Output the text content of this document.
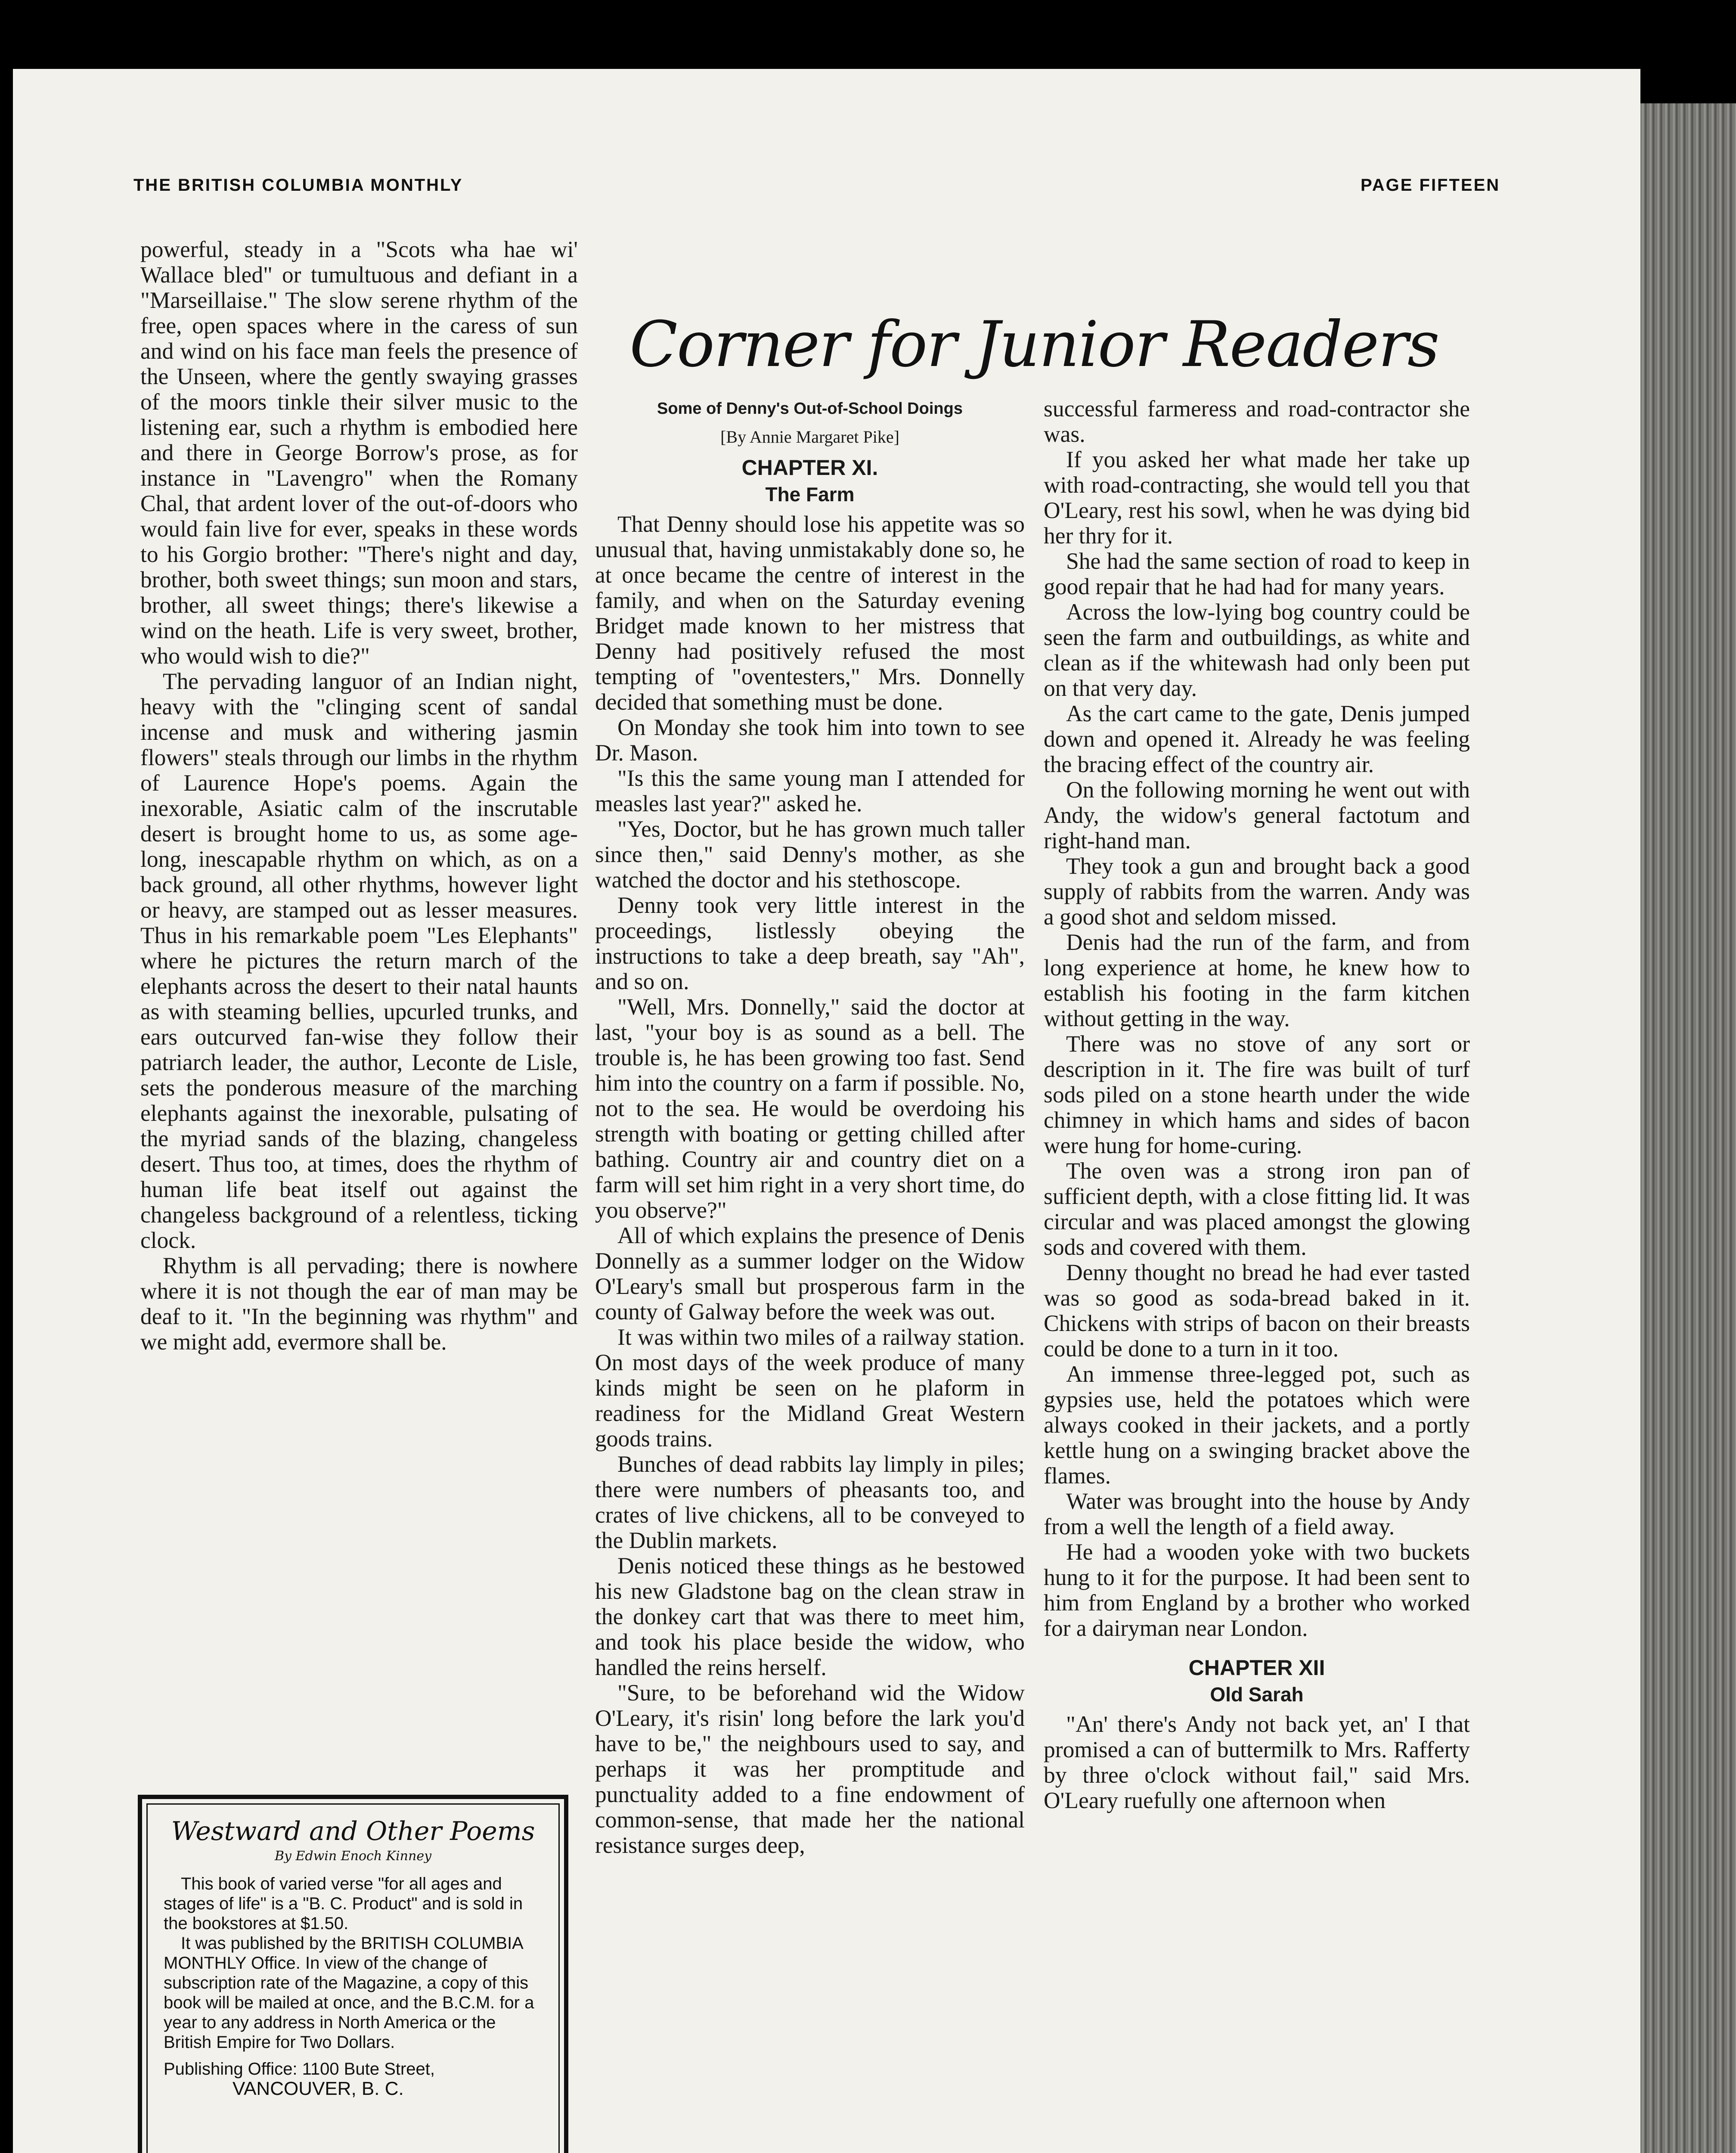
THE BRITISH COLUMBIA MONTHLY	PAGE FIFTEEN

powerful, steady in a "Scots wha hae wi' Wallace bled" or tumultuous and defiant in a "Marseillaise." The slow serene rhythm of the free, open spaces where in the caress of sun and wind on his face man feels the presence of the Unseen, where the gently swaying grasses of the moors tinkle their silver music to the listening ear, such a rhythm is embodied here and there in George Borrow's prose, as for instance in "Lavengro" when the Romany Chal, that ardent lover of the out-of-doors who would fain live for ever, speaks in these words to his Gorgio brother: "There's night and day, brother, both sweet things; sun moon and stars, brother, all sweet things; there's likewise a wind on the heath. Life is very sweet, brother, who would wish to die?"

The pervading languor of an Indian night, heavy with the "clinging scent of sandal incense and musk and withering jasmin flowers" steals through our limbs in the rhythm of Laurence Hope's poems. Again the inexorable, Asiatic calm of the inscrutable desert is brought home to us, as some age-long, inescapable rhythm on which, as on a back ground, all other rhythms, however light or heavy, are stamped out as lesser measures. Thus in his remarkable poem "Les Elephants" where he pictures the return march of the elephants across the desert to their natal haunts as with steaming bellies, upcurled trunks, and ears outcurved fan-wise they follow their patriarch leader, the author, Leconte de Lisle, sets the ponderous measure of the marching elephants against the inexorable, pulsating of the myriad sands of the blazing, changeless desert. Thus too, at times, does the rhythm of human life beat itself out against the changeless background of a relentless, ticking clock.

Rhythm is all pervading; there is nowhere where it is not though the ear of man may be deaf to it. "In the beginning was rhythm" and we might add, evermore shall be.

Westward and Other Poems
By Edwin Enoch Kinney

This book of varied verse "for all ages and stages of life" is a "B. C. Product" and is sold in the bookstores at $1.50.

It was published by the BRITISH COLUMBIA MONTHLY Office. In view of the change of subscription rate of the Magazine, a copy of this book will be mailed at once, and the B.C.M. for a year to any address in North America or the British Empire for Two Dollars.

Publishing Office: 1100 Bute Street,

VANCOUVER, B. C.

Corner for Junior Readers
Some of Denny's Out-of-School Doings
[By Annie Margaret Pike]
CHAPTER XI.
The Farm

That Denny should lose his appetite was so unusual that, having unmistakably done so, he at once became the centre of interest in the family, and when on the Saturday evening Bridget made known to her mistress that Denny had positively refused the most tempting of "oventesters," Mrs. Donnelly decided that something must be done.

On Monday she took him into town to see Dr. Mason.

"Is this the same young man I attended for measles last year?" asked he.

"Yes, Doctor, but he has grown much taller since then," said Denny's mother, as she watched the doctor and his stethoscope.

Denny took very little interest in the proceedings, listlessly obeying the instructions to take a deep breath, say "Ah", and so on.

"Well, Mrs. Donnelly," said the doctor at last, "your boy is as sound as a bell. The trouble is, he has been growing too fast. Send him into the country on a farm if possible. No, not to the sea. He would be overdoing his strength with boating or getting chilled after bathing. Country air and country diet on a farm will set him right in a very short time, do you observe?"

All of which explains the presence of Denis Donnelly as a summer lodger on the Widow O'Leary's small but prosperous farm in the county of Galway before the week was out.

It was within two miles of a railway station. On most days of the week produce of many kinds might be seen on he plaform in readiness for the Midland Great Western goods trains.

Bunches of dead rabbits lay limply in piles; there were numbers of pheasants too, and crates of live chickens, all to be conveyed to the Dublin markets.

Denis noticed these things as he bestowed his new Gladstone bag on the clean straw in the donkey cart that was there to meet him, and took his place beside the widow, who handled the reins herself.

"Sure, to be beforehand wid the Widow O'Leary, it's risin' long before the lark you'd have to be," the neighbours used to say, and perhaps it was her promptitude and punctuality added to a fine endowment of common-sense, that made her the national resistance surges deep,

successful farmeress and road-contractor she was.

If you asked her what made her take up with road-contracting, she would tell you that O'Leary, rest his sowl, when he was dying bid her thry for it.

She had the same section of road to keep in good repair that he had had for many years.

Across the low-lying bog country could be seen the farm and outbuildings, as white and clean as if the whitewash had only been put on that very day.

As the cart came to the gate, Denis jumped down and opened it. Already he was feeling the bracing effect of the country air.

On the following morning he went out with Andy, the widow's general factotum and right-hand man.

They took a gun and brought back a good supply of rabbits from the warren. Andy was a good shot and seldom missed.

Denis had the run of the farm, and from long experience at home, he knew how to establish his footing in the farm kitchen without getting in the way.

There was no stove of any sort or description in it. The fire was built of turf sods piled on a stone hearth under the wide chimney in which hams and sides of bacon were hung for home-curing.

The oven was a strong iron pan of sufficient depth, with a close fitting lid. It was circular and was placed amongst the glowing sods and covered with them.

Denny thought no bread he had ever tasted was so good as soda-bread baked in it. Chickens with strips of bacon on their breasts could be done to a turn in it too.

An immense three-legged pot, such as gypsies use, held the potatoes which were always cooked in their jackets, and a portly kettle hung on a swinging bracket above the flames.

Water was brought into the house by Andy from a well the length of a field away.

He had a wooden yoke with two buckets hung to it for the purpose. It had been sent to him from England by a brother who worked for a dairyman near London.

CHAPTER XII
Old Sarah

"An' there's Andy not back yet, an' I that promised a can of buttermilk to Mrs. Rafferty by three o'clock without fail," said Mrs. O'Leary ruefully one afternoon when
